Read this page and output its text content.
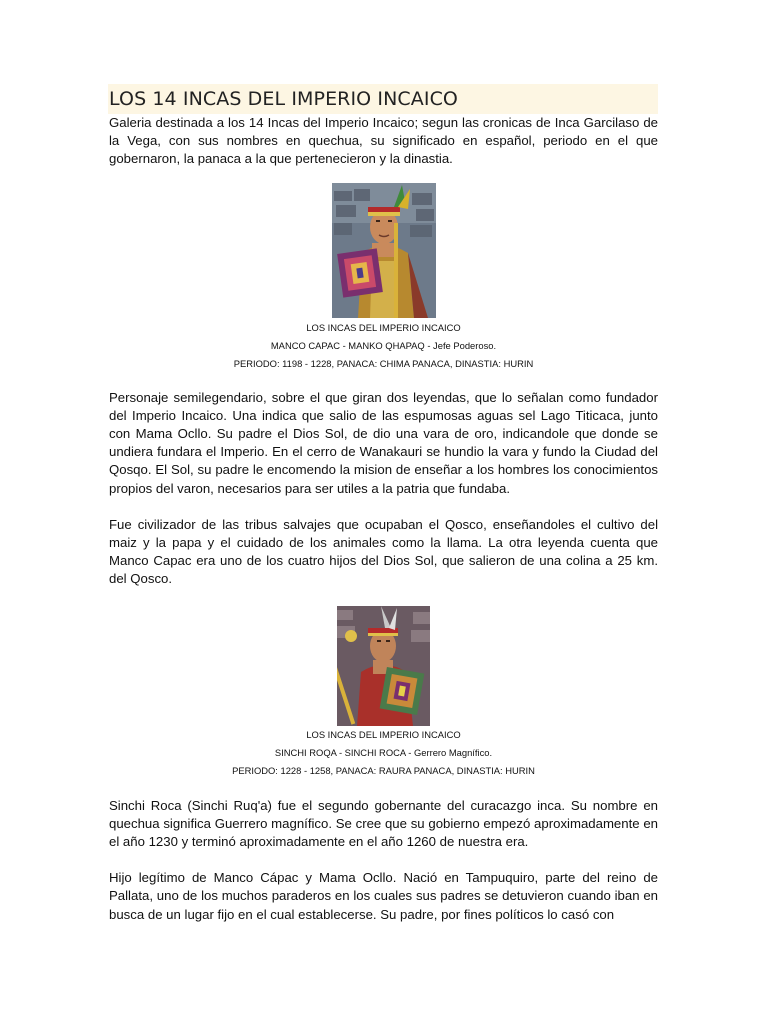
LOS 14 INCAS DEL IMPERIO INCAICO

Galeria destinada a los 14 Incas del Imperio Incaico; segun las cronicas de Inca Garcilaso de la Vega, con sus nombres en quechua, su significado en español, periodo en el que gobernaron, la panaca a la que pertenecieron y la dinastia.

LOS INCAS DEL IMPERIO INCAICO

MANCO CAPAC - MANKO QHAPAQ - Jefe Poderoso.

PERIODO: 1198 - 1228, PANACA: CHIMA PANACA, DINASTIA: HURIN

Personaje semilegendario, sobre el que giran dos leyendas, que lo señalan como fundador del Imperio Incaico. Una indica que salio de las espumosas aguas sel Lago Titicaca, junto con Mama Ocllo. Su padre el Dios Sol, de dio una vara de oro, indicandole que donde se undiera fundara el Imperio. En el cerro de Wanakauri se hundio la vara y fundo la Ciudad del Qosqo. El Sol, su padre le encomendo la mision de enseñar a los hombres los conocimientos propios del varon, necesarios para ser utiles a la patria que fundaba.

Fue civilizador de las tribus salvajes que ocupaban el Qosco, enseñandoles el cultivo del maiz y la papa y el cuidado de los animales como la llama. La otra leyenda cuenta que Manco Capac era uno de los cuatro hijos del Dios Sol, que salieron de una colina a 25 km. del Qosco.

LOS INCAS DEL IMPERIO INCAICO

SINCHI ROQA - SINCHI ROCA - Gerrero Magnífico.

PERIODO: 1228 - 1258, PANACA: RAURA PANACA, DINASTIA: HURIN

Sinchi Roca (Sinchi Ruq'a) fue el segundo gobernante del curacazgo inca. Su nombre en quechua significa Guerrero magnífico. Se cree que su gobierno empezó aproximadamente en el año 1230 y terminó aproximadamente en el año 1260 de nuestra era.

Hijo legítimo de Manco Cápac y Mama Ocllo. Nació en Tampuquiro, parte del reino de Pallata, uno de los muchos paraderos en los cuales sus padres se detuvieron cuando iban en busca de un lugar fijo en el cual establecerse. Su padre, por fines políticos lo casó con
